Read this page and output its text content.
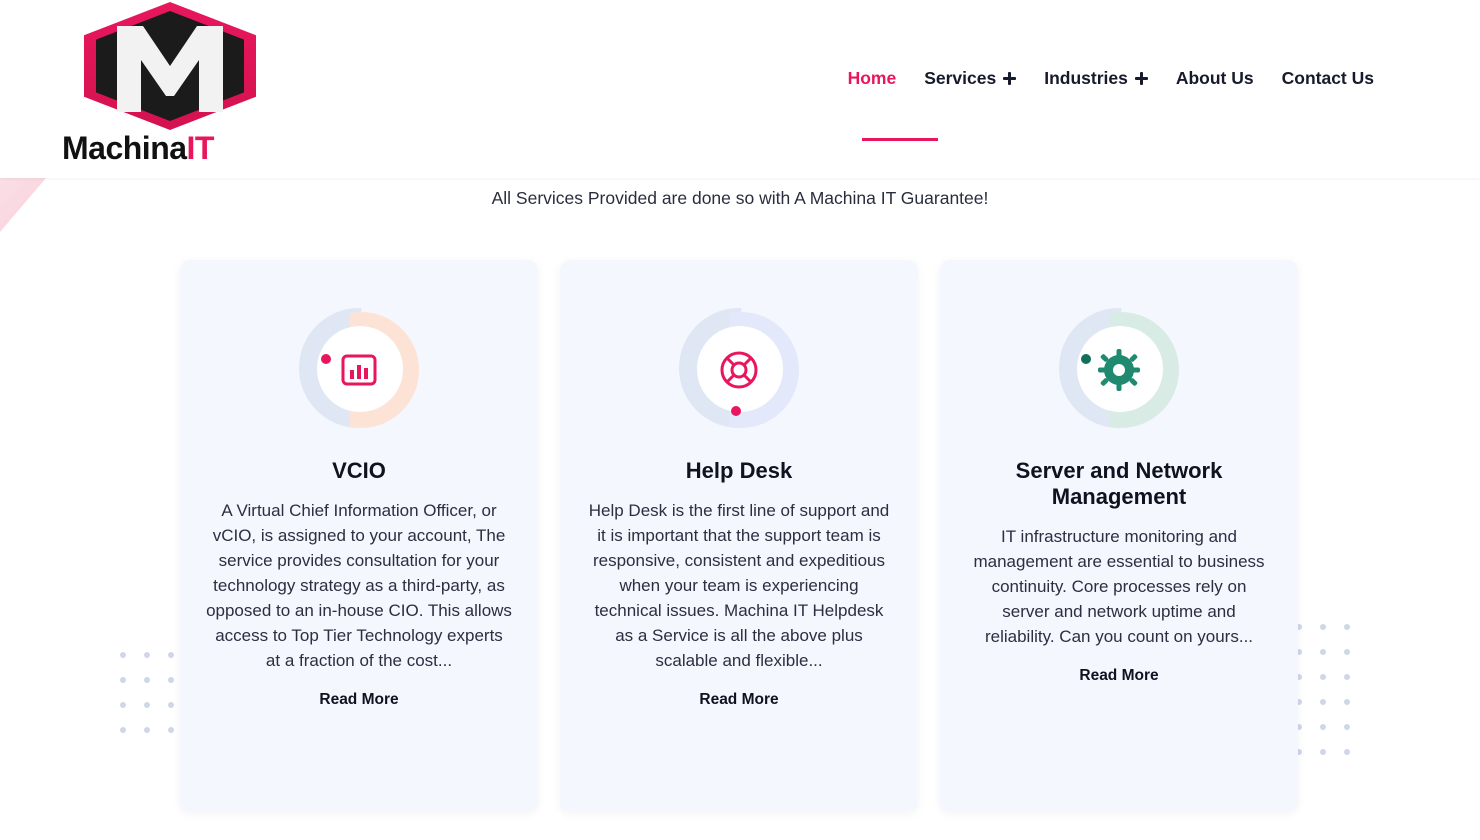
MachinaIT
Home Services	Industries	About Us Contact Us
All Services Provided are done so with A Machina IT Guarantee!
VCIO
A Virtual Chief Information Officer, or vCIO, is assigned to your account, The service provides consultation for your technology strategy as a third-party, as opposed to an in-house CIO. This allows access to Top Tier Technology experts at a fraction of the cost...
Read More
Help Desk
Help Desk is the first line of support and it is important that the support team is responsive, consistent and expeditious when your team is experiencing technical issues. Machina IT Helpdesk as a Service is all the above plus scalable and flexible...
Read More
Server and Network Management
IT infrastructure monitoring and management are essential to business continuity. Core processes rely on server and network uptime and reliability. Can you count on yours...
Read More
